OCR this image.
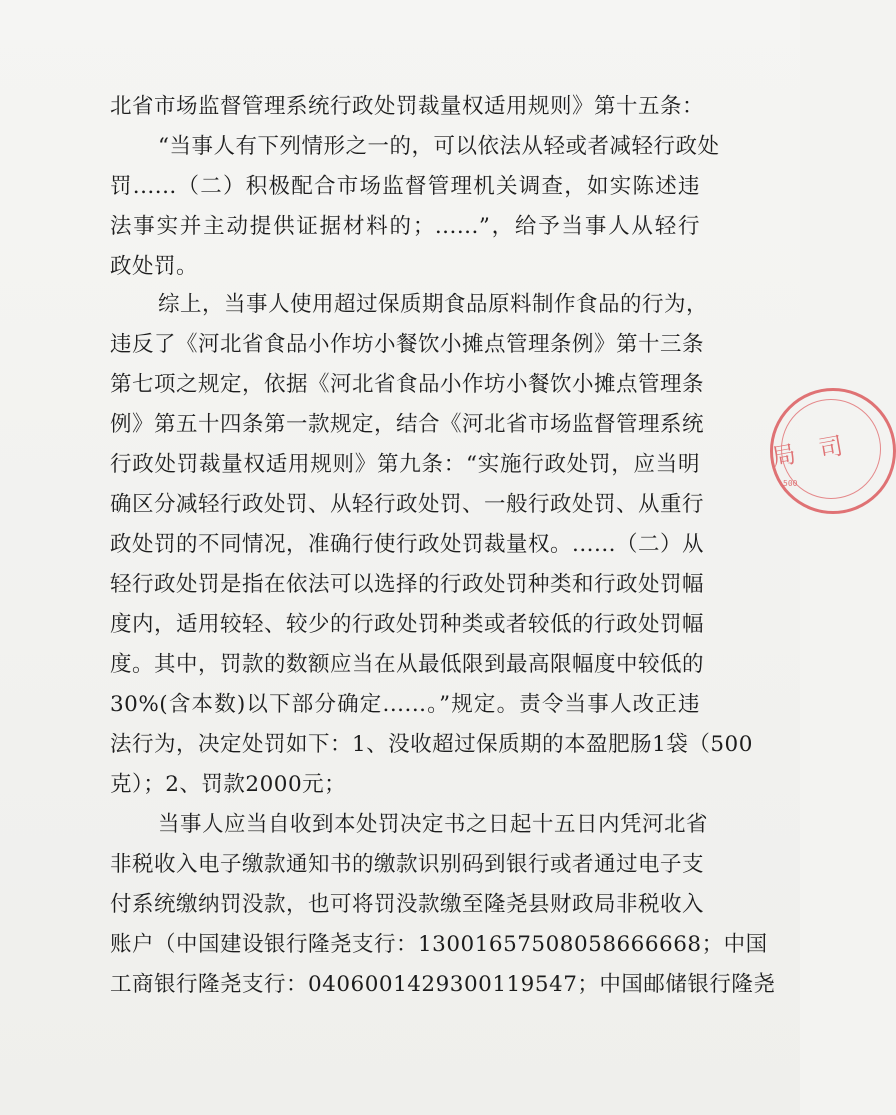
北省市场监督管理系统行政处罚裁量权适用规则》第十五条：
“当事人有下列情形之一的，可以依法从轻或者减轻行政处
罚......（二）积极配合市场监督管理机关调查，如实陈述违
法事实并主动提供证据材料的；......”，给予当事人从轻行
政处罚。
综上，当事人使用超过保质期食品原料制作食品的行为，
违反了《河北省食品小作坊小餐饮小摊点管理条例》第十三条
第七项之规定，依据《河北省食品小作坊小餐饮小摊点管理条
例》第五十四条第一款规定，结合《河北省市场监督管理系统
行政处罚裁量权适用规则》第九条：“实施行政处罚，应当明
确区分减轻行政处罚、从轻行政处罚、一般行政处罚、从重行
政处罚的不同情况，准确行使行政处罚裁量权。......（二）从
轻行政处罚是指在依法可以选择的行政处罚种类和行政处罚幅
度内，适用较轻、较少的行政处罚种类或者较低的行政处罚幅
度。其中，罚款的数额应当在从最低限到最高限幅度中较低的
30%(含本数)以下部分确定......。”规定。责令当事人改正违
法行为，决定处罚如下：1、没收超过保质期的本盈肥肠1袋（500
克）；2、罚款2000元；
当事人应当自收到本处罚决定书之日起十五日内凭河北省
非税收入电子缴款通知书的缴款识别码到银行或者通过电子支
付系统缴纳罚没款，也可将罚没款缴至隆尧县财政局非税收入
账户（中国建设银行隆尧支行：13001657508058666668；中国
工商银行隆尧支行：0406001429300119547；中国邮储银行隆尧
局 司
500
